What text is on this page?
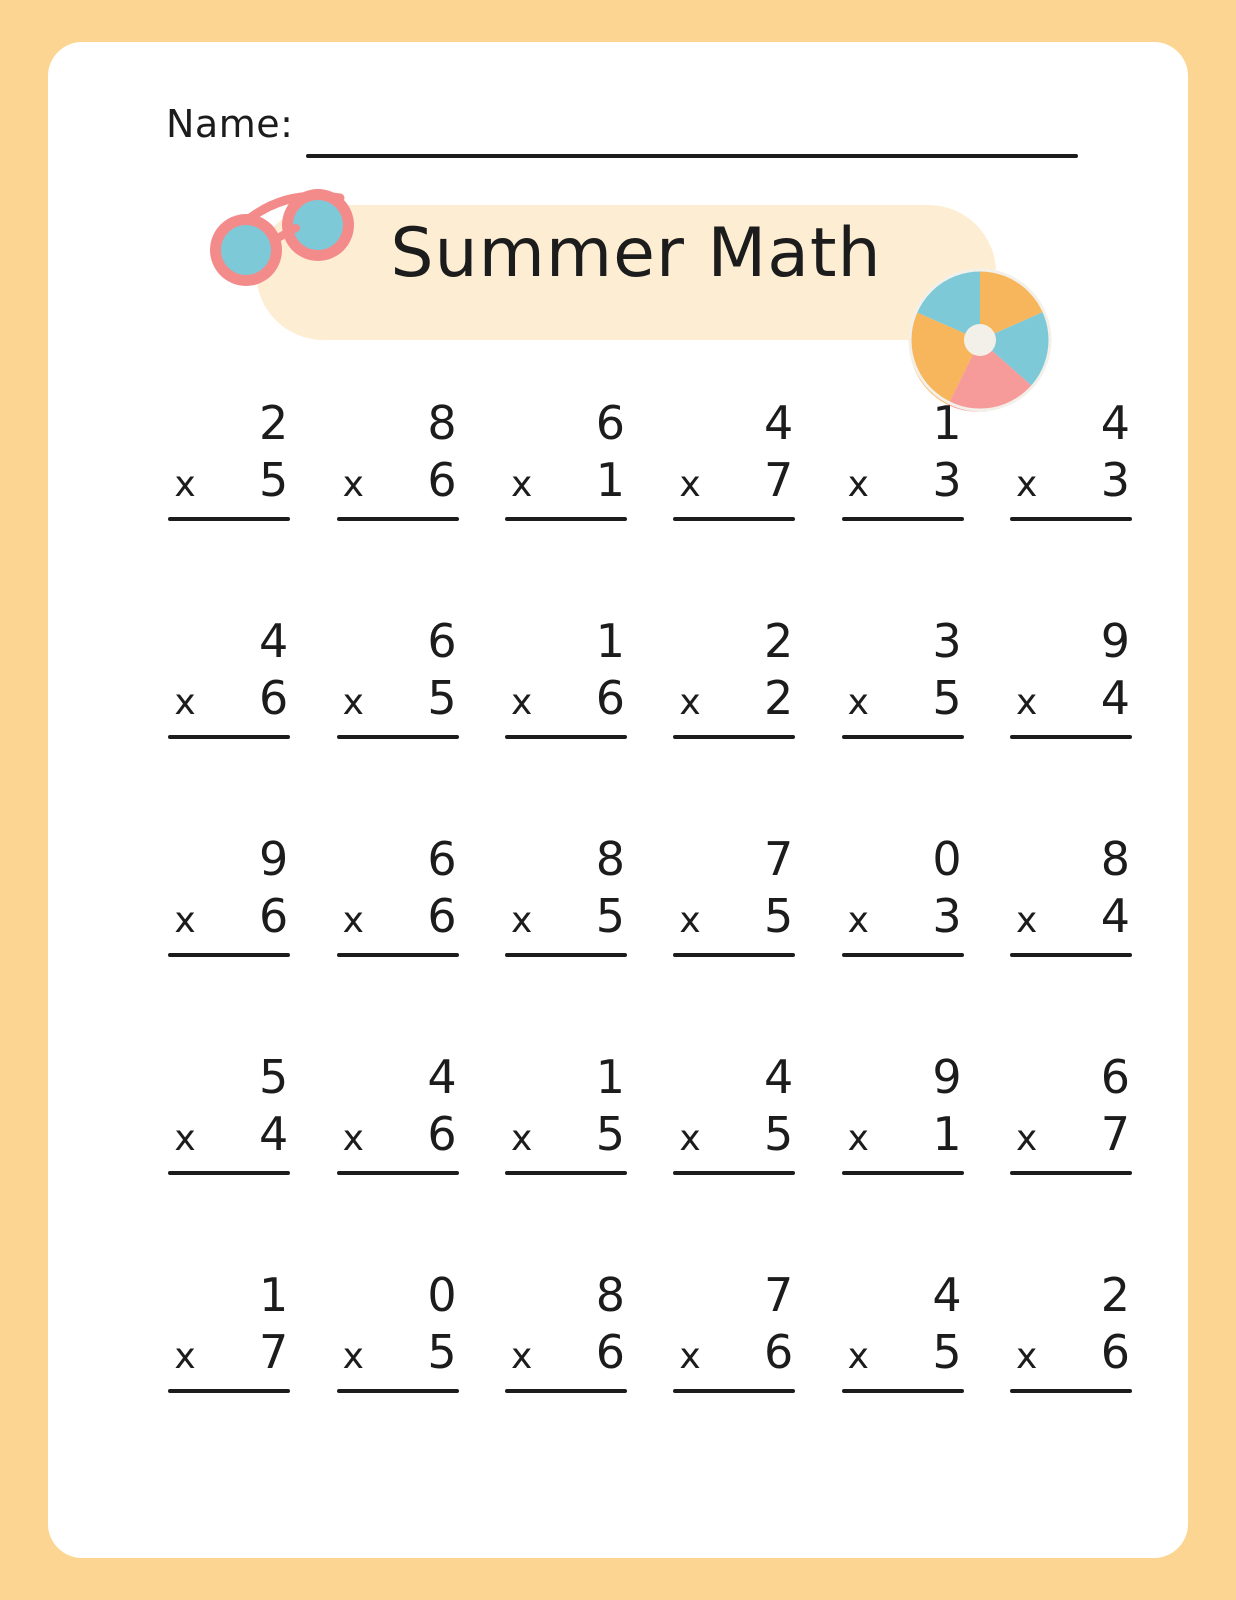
Name:
Summer Math
2
x	5
8
x	6
6
x	1
4
x	7
1
x	3
4
x	3
4
x	6
6
x	5
1
x	6
2
x	2
3
x	5
9
x	4
9
x	6
6
x	6
8
x	5
7
x	5
0
x	3
8
x	4
5
x	4
4
x	6
1
x	5
4
x	5
9
x	1
6
x	7
1
x	7
0
x	5
8
x	6
7
x	6
4
x	5
2
x	6
